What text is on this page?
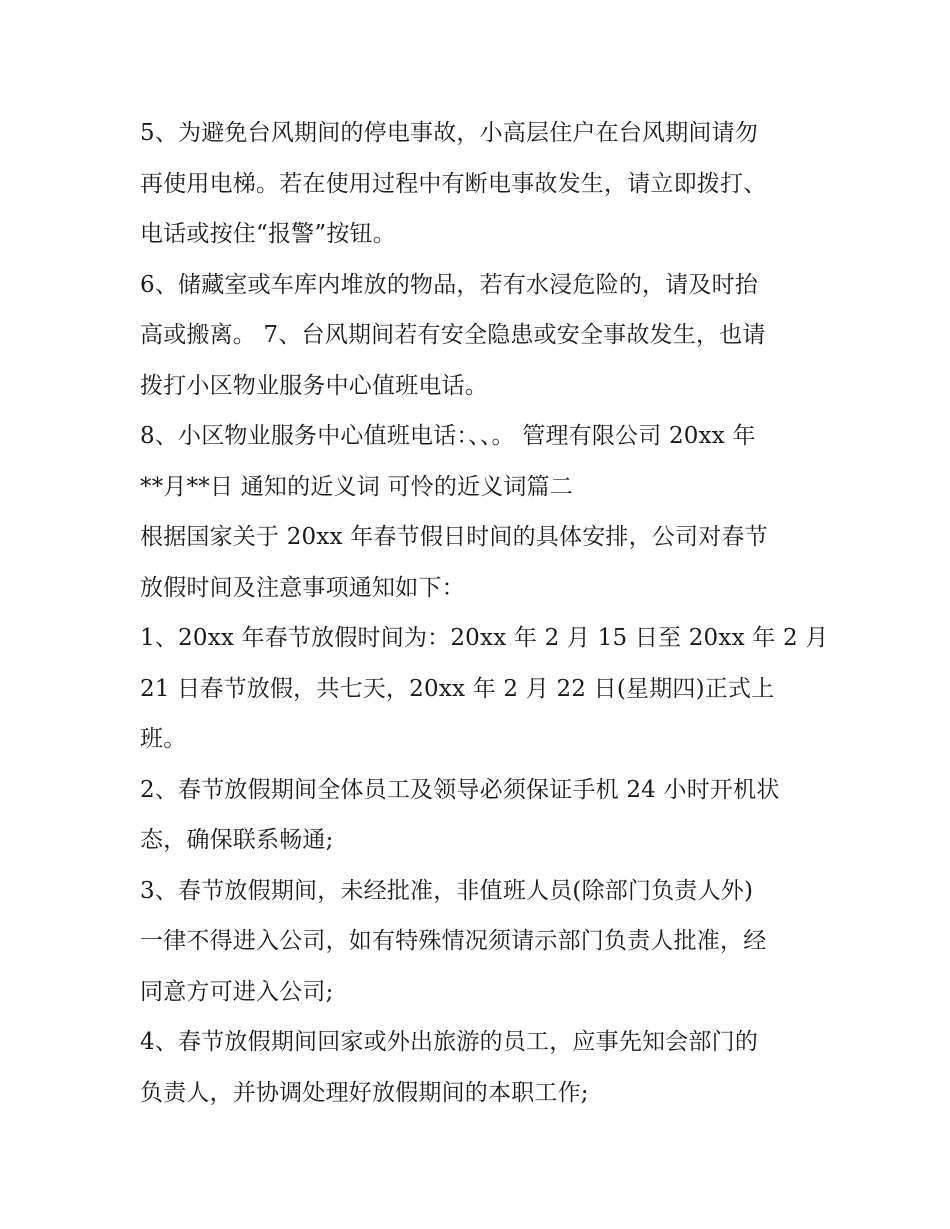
5、为避免台风期间的停电事故，小高层住户在台风期间请勿
再使用电梯。若在使用过程中有断电事故发生，请立即拨打、
电话或按住“报警”按钮。
6、储藏室或车库内堆放的物品，若有水浸危险的，请及时抬
高或搬离。 7、台风期间若有安全隐患或安全事故发生，也请
拨打小区物业服务中心值班电话。
8、小区物业服务中心值班电话：、、。 管理有限公司 20xx 年
**月**日 通知的近义词 可怜的近义词篇二
根据国家关于 20xx 年春节假日时间的具体安排，公司对春节
放假时间及注意事项通知如下：
1、20xx 年春节放假时间为：20xx 年 2 月 15 日至 20xx 年 2 月
21 日春节放假，共七天，20xx 年 2 月 22 日(星期四)正式上
班。
2、春节放假期间全体员工及领导必须保证手机 24 小时开机状
态，确保联系畅通;
3、春节放假期间，未经批准，非值班人员(除部门负责人外)
一律不得进入公司，如有特殊情况须请示部门负责人批准，经
同意方可进入公司;
4、春节放假期间回家或外出旅游的员工，应事先知会部门的
负责人，并协调处理好放假期间的本职工作;
